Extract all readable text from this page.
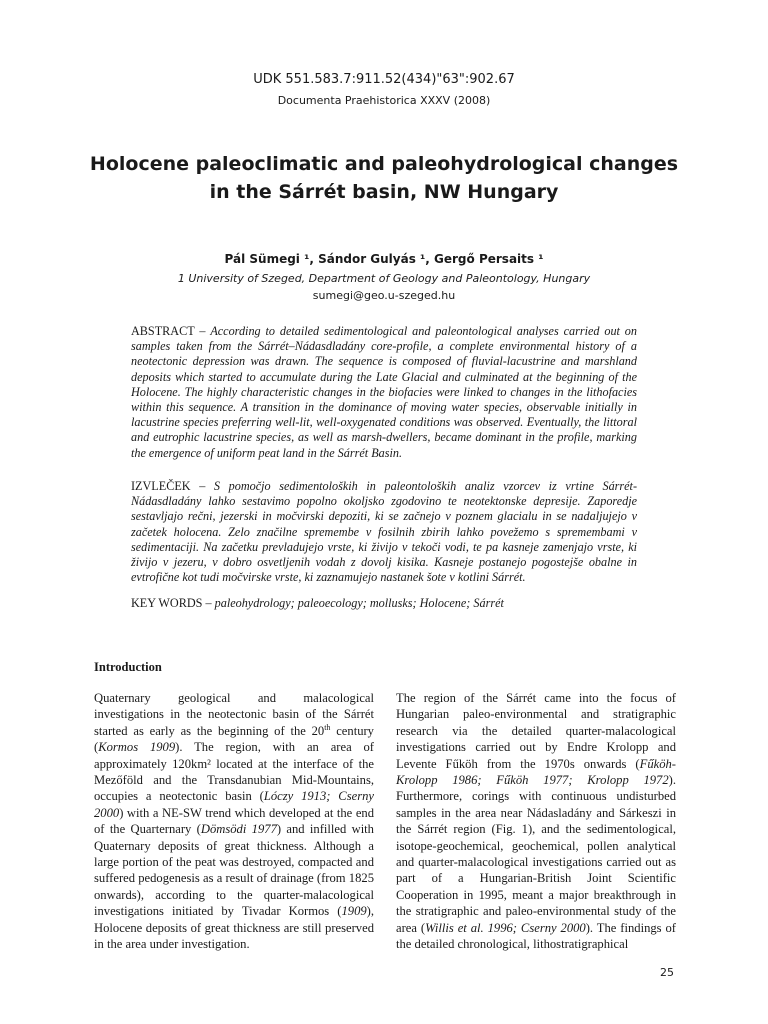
UDK 551.583.7:911.52(434)"63":902.67
Documenta Praehistorica XXXV (2008)
Holocene paleoclimatic and paleohydrological changes
in the Sárrét basin, NW Hungary
Pál Sümegi ¹, Sándor Gulyás ¹, Gergő Persaits ¹
1 University of Szeged, Department of Geology and Paleontology, Hungary
sumegi@geo.u-szeged.hu
ABSTRACT – According to detailed sedimentological and paleontological analyses carried out on samples taken from the Sárrét–Nádasdladány core-profile, a complete environmental history of a neotectonic depression was drawn. The sequence is composed of fluvial-lacustrine and marshland deposits which started to accumulate during the Late Glacial and culminated at the beginning of the Holocene. The highly characteristic changes in the biofacies were linked to changes in the lithofacies within this sequence. A transition in the dominance of moving water species, observable initially in lacustrine species preferring well-lit, well-oxygenated conditions was observed. Eventually, the littoral and eutrophic lacustrine species, as well as marsh-dwellers, became dominant in the profile, marking the emergence of uniform peat land in the Sárrét Basin.
IZVLEČEK – S pomočjo sedimentoloških in paleontoloških analiz vzorcev iz vrtine Sárrét-Nádasdladány lahko sestavimo popolno okoljsko zgodovino te neotektonske depresije. Zaporedje sestavljajo rečni, jezerski in močvirski depoziti, ki se začnejo v poznem glacialu in se nadaljujejo v začetek holocena. Zelo značilne spremembe v fosilnih zbirih lahko povežemo s spremembami v sedimentaciji. Na začetku prevladujejo vrste, ki živijo v tekoči vodi, te pa kasneje zamenjajo vrste, ki živijo v jezeru, v dobro osvetljenih vodah z dovolj kisika. Kasneje postanejo pogostejše obalne in evtrofične kot tudi močvirske vrste, ki zaznamujejo nastanek šote v kotlini Sárrét.
KEY WORDS – paleohydrology; paleoecology; mollusks; Holocene; Sárrét
Introduction
Quaternary geological and malacological investigations in the neotectonic basin of the Sárrét started as early as the beginning of the 20th century (Kormos 1909). The region, with an area of approximately 120km² located at the interface of the Mezőföld and the Transdanubian Mid-Mountains, occupies a neotectonic basin (Lóczy 1913; Cserny 2000) with a NE-SW trend which developed at the end of the Quarternary (Dömsödi 1977) and infilled with Quaternary deposits of great thickness. Although a large portion of the peat was destroyed, compacted and suffered pedogenesis as a result of drainage (from 1825 onwards), according to the quarter-malacological investigations initiated by Tivadar Kormos (1909), Holocene deposits of great thickness are still preserved in the area under investigation.
The region of the Sárrét came into the focus of Hungarian paleo-environmental and stratigraphic research via the detailed quarter-malacological investigations carried out by Endre Krolopp and Levente Fűköh from the 1970s onwards (Fűköh-Krolopp 1986; Fűköh 1977; Krolopp 1972). Furthermore, corings with continuous undisturbed samples in the area near Nádasladány and Sárkeszi in the Sárrét region (Fig. 1), and the sedimentological, isotope-geochemical, geochemical, pollen analytical and quarter-malacological investigations carried out as part of a Hungarian-British Joint Scientific Cooperation in 1995, meant a major breakthrough in the stratigraphic and paleo-environmental study of the area (Willis et al. 1996; Cserny 2000). The findings of the detailed chronological, lithostratigraphical
25
